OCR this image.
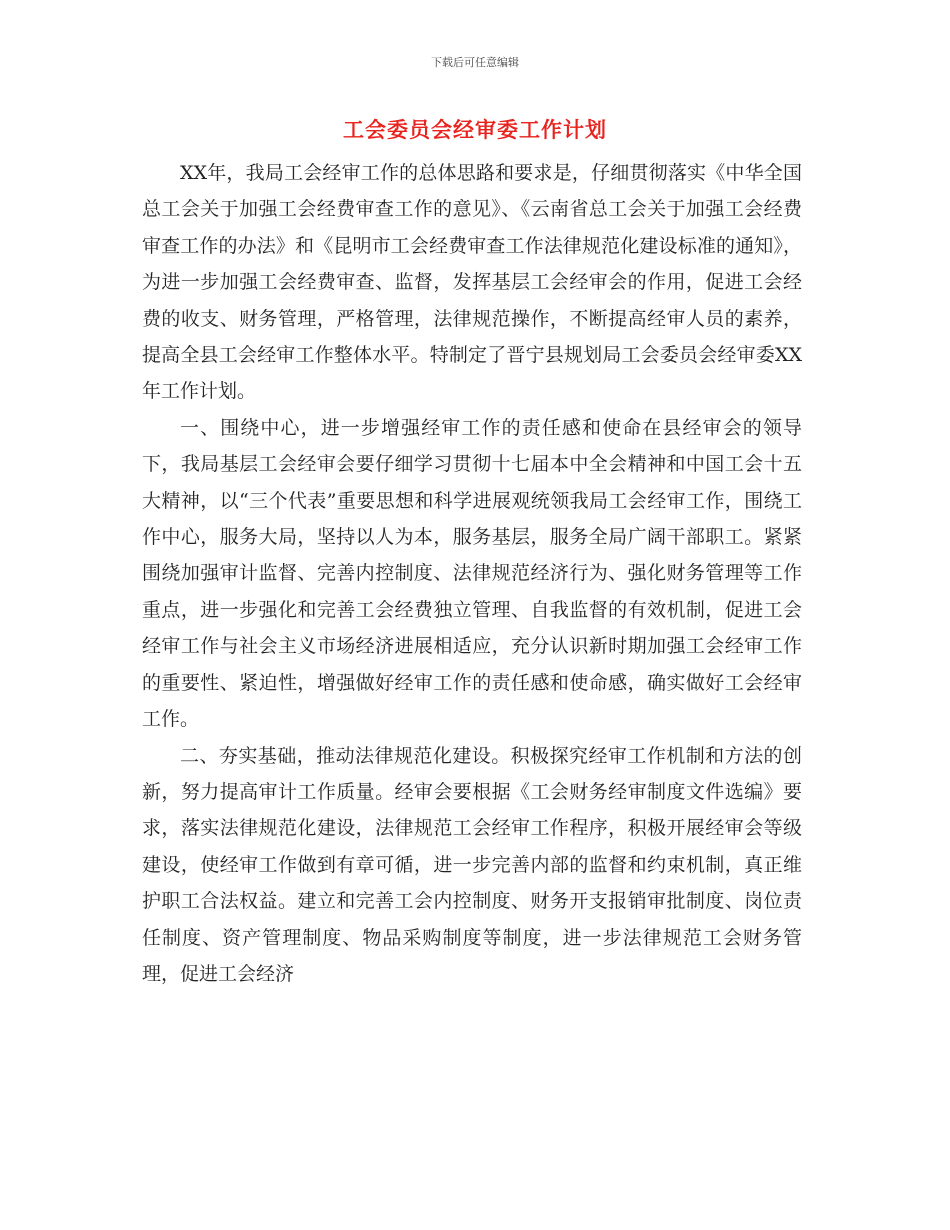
下载后可任意编辑
工会委员会经审委工作计划

XX年，我局工会经审工作的总体思路和要求是，仔细贯彻落实《中华全国总工会关于加强工会经费审查工作的意见》、《云南省总工会关于加强工会经费审查工作的办法》和《昆明市工会经费审查工作法律规范化建设标准的通知》，为进一步加强工会经费审查、监督，发挥基层工会经审会的作用，促进工会经费的收支、财务管理，严格管理，法律规范操作，不断提高经审人员的素养，提高全县工会经审工作整体水平。特制定了晋宁县规划局工会委员会经审委XX年工作计划。

一、围绕中心，进一步增强经审工作的责任感和使命在县经审会的领导下，我局基层工会经审会要仔细学习贯彻十七届本中全会精神和中国工会十五大精神，以“三个代表”重要思想和科学进展观统领我局工会经审工作，围绕工作中心，服务大局，坚持以人为本，服务基层，服务全局广阔干部职工。紧紧围绕加强审计监督、完善内控制度、法律规范经济行为、强化财务管理等工作重点，进一步强化和完善工会经费独立管理、自我监督的有效机制，促进工会经审工作与社会主义市场经济进展相适应，充分认识新时期加强工会经审工作的重要性、紧迫性，增强做好经审工作的责任感和使命感，确实做好工会经审工作。

二、夯实基础，推动法律规范化建设。积极探究经审工作机制和方法的创新，努力提高审计工作质量。经审会要根据《工会财务经审制度文件选编》要求，落实法律规范化建设，法律规范工会经审工作程序，积极开展经审会等级建设，使经审工作做到有章可循，进一步完善内部的监督和约束机制，真正维护职工合法权益。建立和完善工会内控制度、财务开支报销审批制度、岗位责任制度、资产管理制度、物品采购制度等制度，进一步法律规范工会财务管理，促进工会经济
